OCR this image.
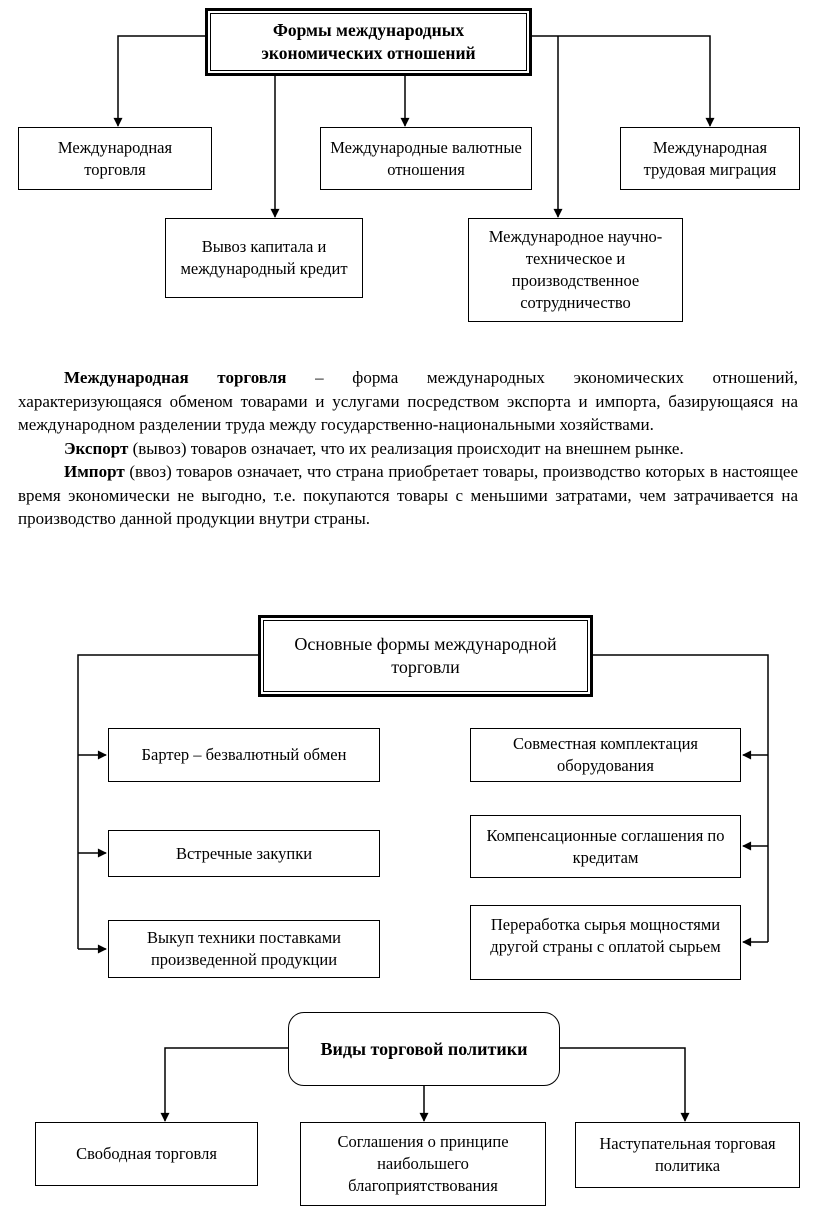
Формы международных экономических отношений
Международная торговля
Международные валютные отношения
Международная трудовая миграция
Вывоз капитала и международный кредит
Международное научно-техническое и производственное сотрудничество

Международная торговля – форма международных экономических отношений, характеризующаяся обменом товарами и услугами посредством экспорта и импорта, базирующаяся на международном разделении труда между государственно-национальными хозяйствами.

Экспорт (вывоз) товаров означает, что их реализация происходит на внешнем рынке.

Импорт (ввоз) товаров означает, что страна приобретает товары, производство которых в настоящее время экономически не выгодно, т.е. покупаются товары с меньшими затратами, чем затрачивается на производство данной продукции внутри страны.

Основные формы международной торговли
Бартер – безвалютный обмен
Встречные закупки
Выкуп техники поставками произведенной продукции
Совместная комплектация оборудования
Компенсационные соглашения по кредитам
Переработка сырья мощностями другой страны с оплатой сырьем
Виды торговой политики
Свободная торговля
Соглашения о принципе наибольшего благоприятствования
Наступательная торговая политика
